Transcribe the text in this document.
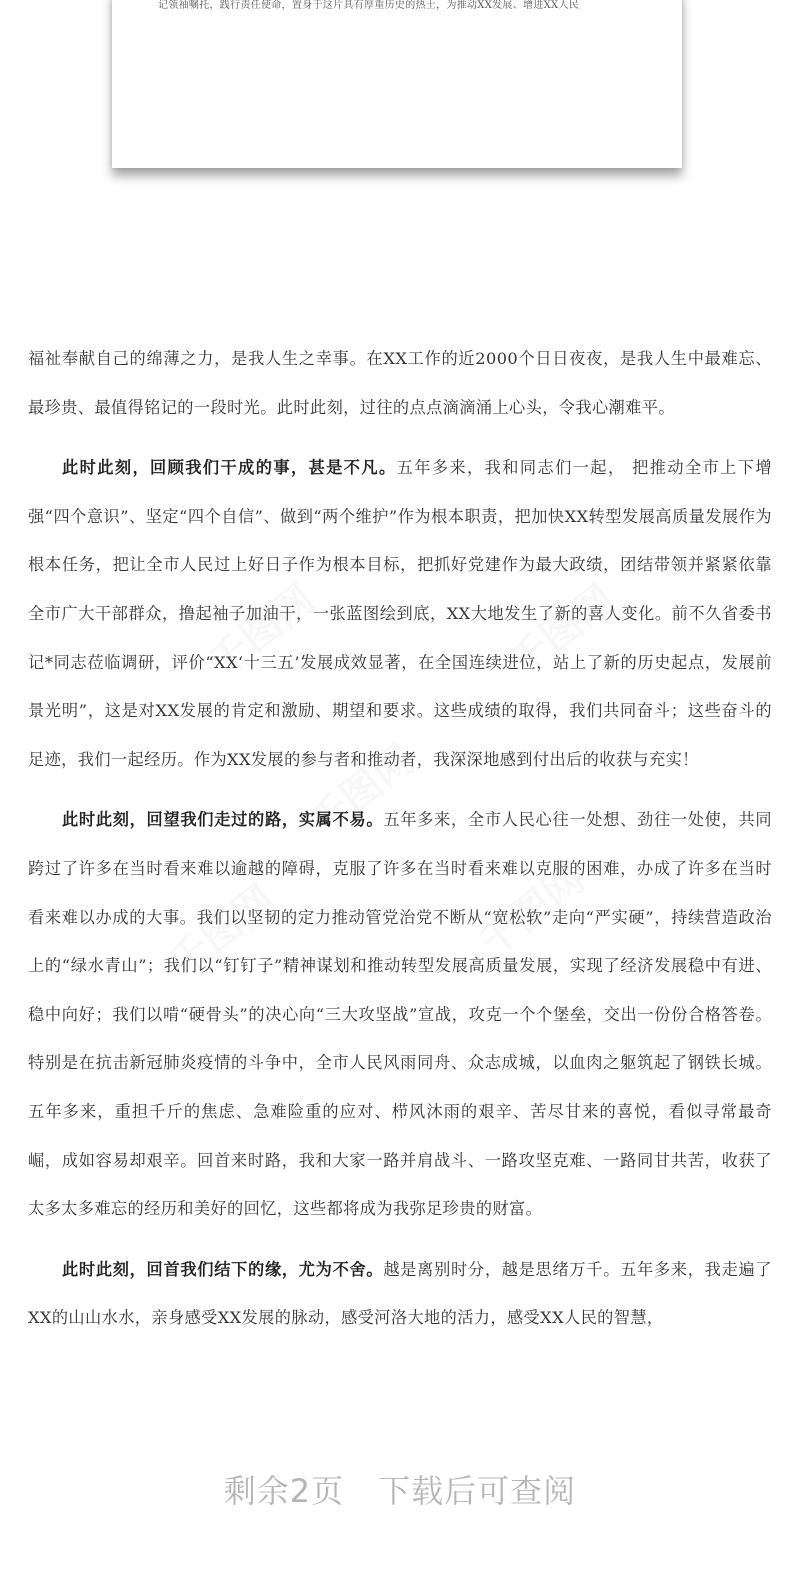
记领袖嘱托，践行责任使命，置身于这片具有厚重历史的热土，为推动XX发展、增进XX人民
千图网	千图网
千图网
千图网	千图网

福祉奉献自己的绵薄之力，是我人生之幸事。在XX工作的近2000个日日夜夜，是我人生中最难忘、最珍贵、最值得铭记的一段时光。此时此刻，过往的点点滴滴涌上心头，令我心潮难平。

此时此刻，回顾我们干成的事，甚是不凡。五年多来，我和同志们一起， 把推动全市上下增强“四个意识”、坚定“四个自信”、做到“两个维护”作为根本职责，把加快XX转型发展高质量发展作为根本任务，把让全市人民过上好日子作为根本目标，把抓好党建作为最大政绩，团结带领并紧紧依靠全市广大干部群众，撸起袖子加油干，一张蓝图绘到底，XX大地发生了新的喜人变化。前不久省委书记*同志莅临调研，评价“XX‘十三五’发展成效显著，在全国连续进位，站上了新的历史起点，发展前景光明”，这是对XX发展的肯定和激励、期望和要求。这些成绩的取得，我们共同奋斗；这些奋斗的足迹，我们一起经历。作为XX发展的参与者和推动者，我深深地感到付出后的收获与充实！

此时此刻，回望我们走过的路，实属不易。五年多来，全市人民心往一处想、劲往一处使，共同跨过了许多在当时看来难以逾越的障碍，克服了许多在当时看来难以克服的困难，办成了许多在当时看来难以办成的大事。我们以坚韧的定力推动管党治党不断从“宽松软”走向“严实硬”，持续营造政治上的“绿水青山”；我们以“钉钉子”精神谋划和推动转型发展高质量发展，实现了经济发展稳中有进、稳中向好；我们以啃“硬骨头”的决心向“三大攻坚战”宣战，攻克一个个堡垒，交出一份份合格答卷。特别是在抗击新冠肺炎疫情的斗争中，全市人民风雨同舟、众志成城，以血肉之躯筑起了钢铁长城。五年多来，重担千斤的焦虑、急难险重的应对、栉风沐雨的艰辛、苦尽甘来的喜悦，看似寻常最奇崛，成如容易却艰辛。回首来时路，我和大家一路并肩战斗、一路攻坚克难、一路同甘共苦，收获了太多太多难忘的经历和美好的回忆，这些都将成为我弥足珍贵的财富。

此时此刻，回首我们结下的缘，尤为不舍。越是离别时分，越是思绪万千。五年多来，我走遍了XX的山山水水，亲身感受XX发展的脉动，感受河洛大地的活力，感受XX人民的智慧，

剩余2页 下载后可查阅
